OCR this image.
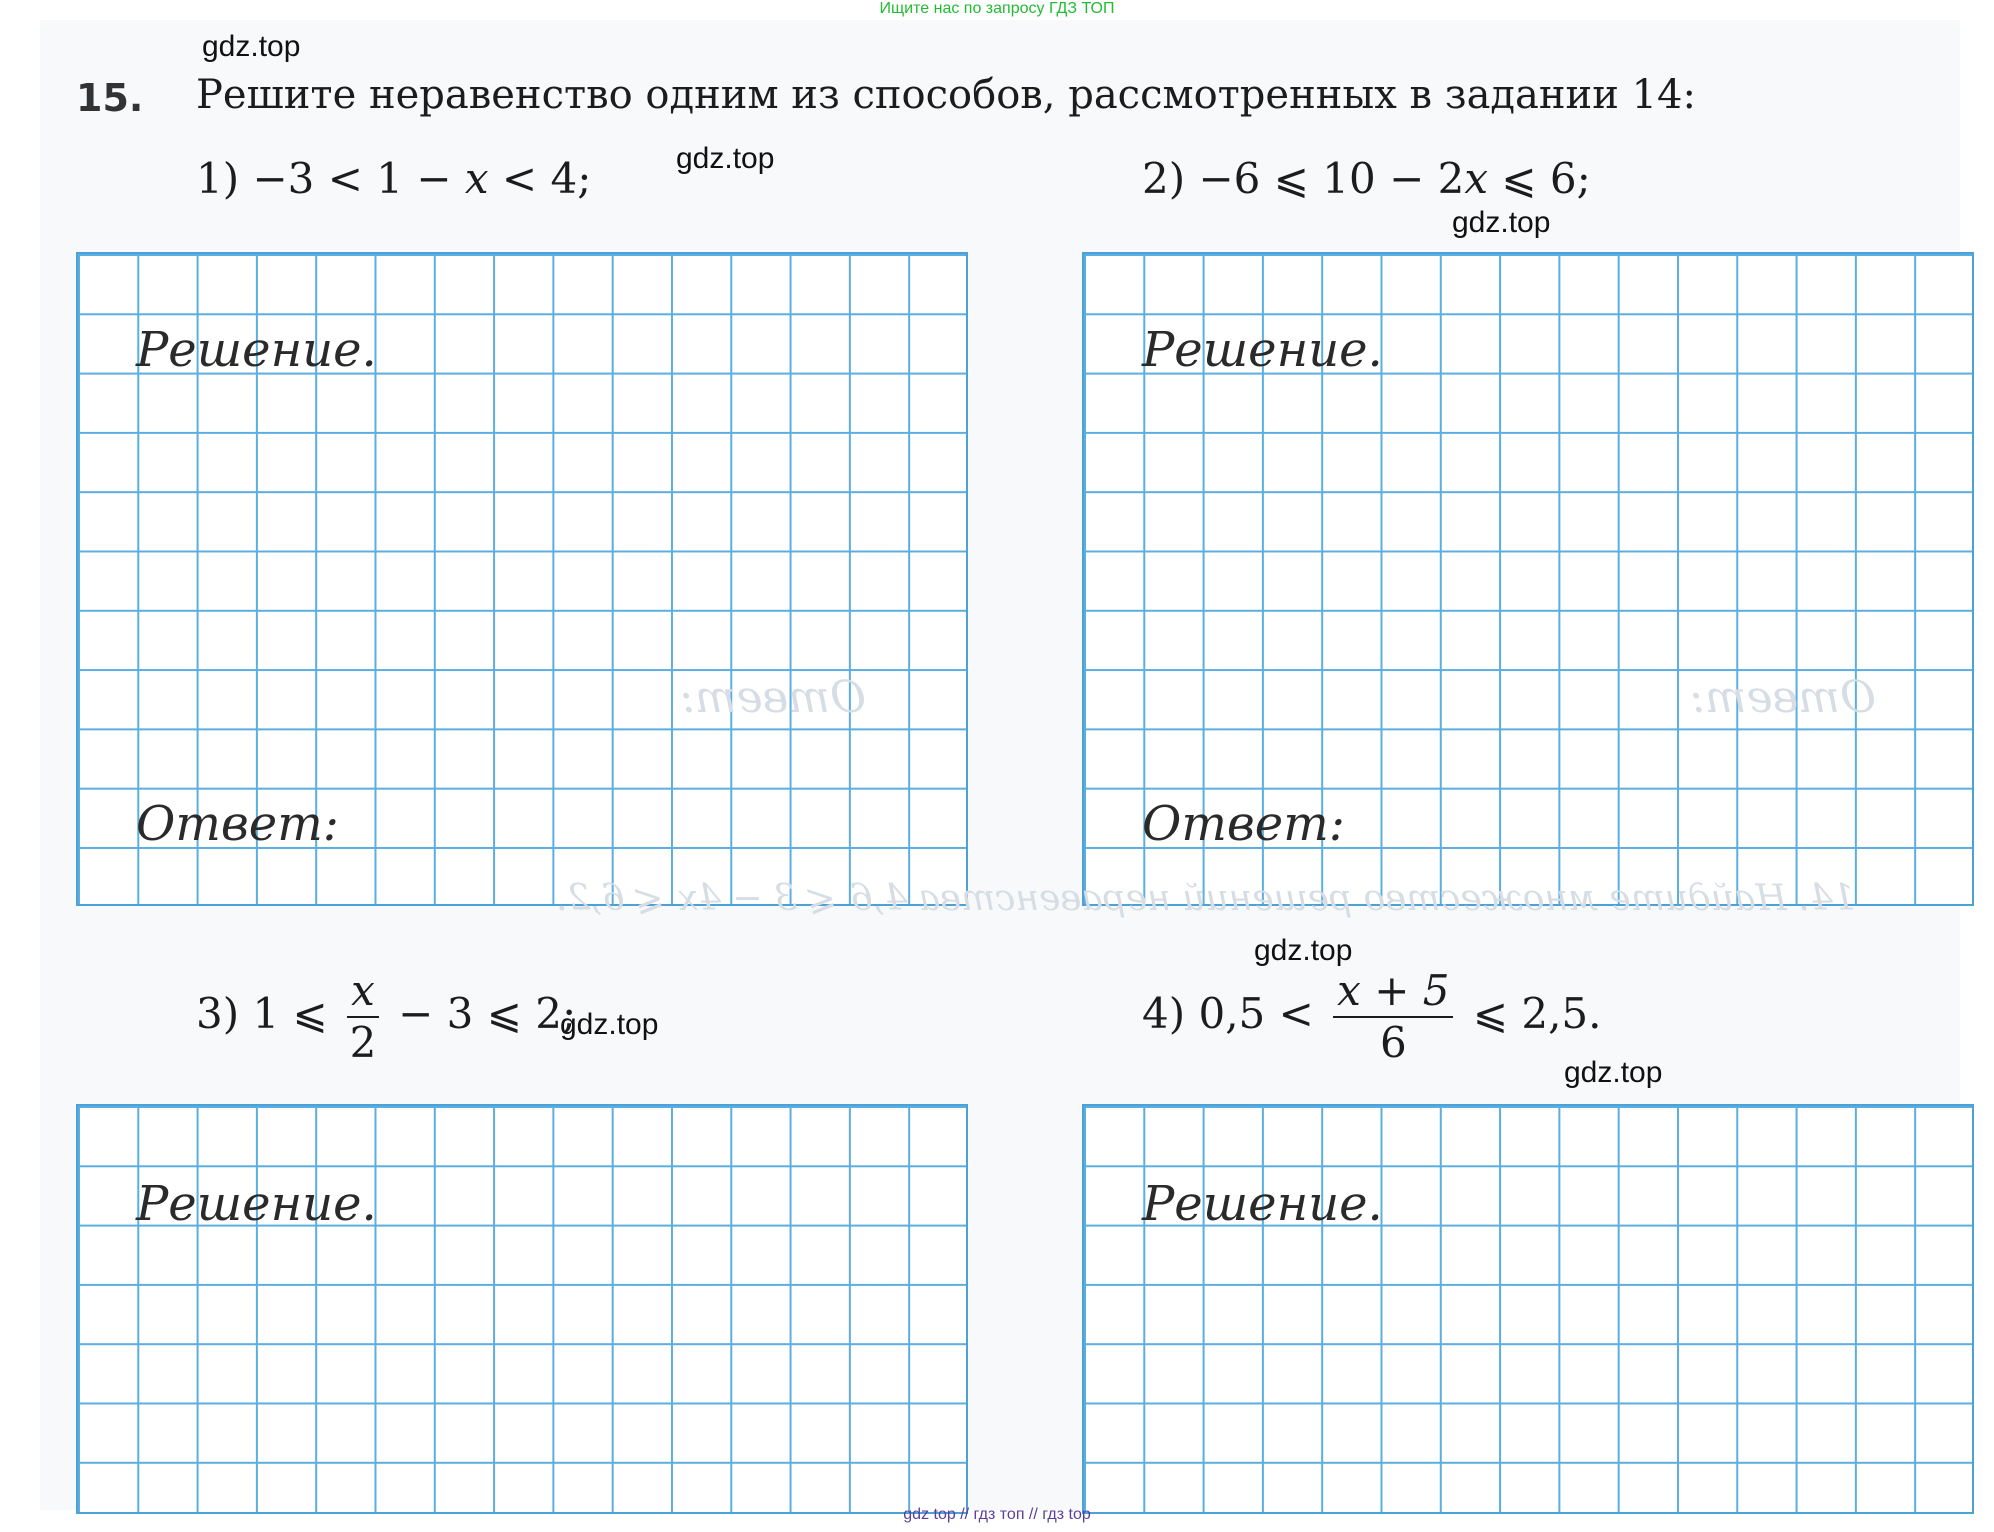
Ищите нас по запросу ГДЗ ТОП
gdz.top
gdz.top
gdz.top
gdz.top
gdz.top
gdz.top
15. Решите неравенство одним из способов, рассмотренных в задании 14:
1) −3 < 1 − x < 4;	2) −6 ⩽ 10 − 2x ⩽ 6;
Решение.
Ответ:
Решение.
Ответ:
Ответ:	Ответ:
14. Найдите множество решений неравенства 4,6 ⩽ 3 − 4x ⩽ 6,2.
3) 1 ⩽ $\frac{x}{2} - 3$ ⩽ 2;	4) $0,5 < \frac{x + 5}{6}$ ⩽ 2,5.
Решение.	Решение.
gdz top // гдз топ // гдз top
